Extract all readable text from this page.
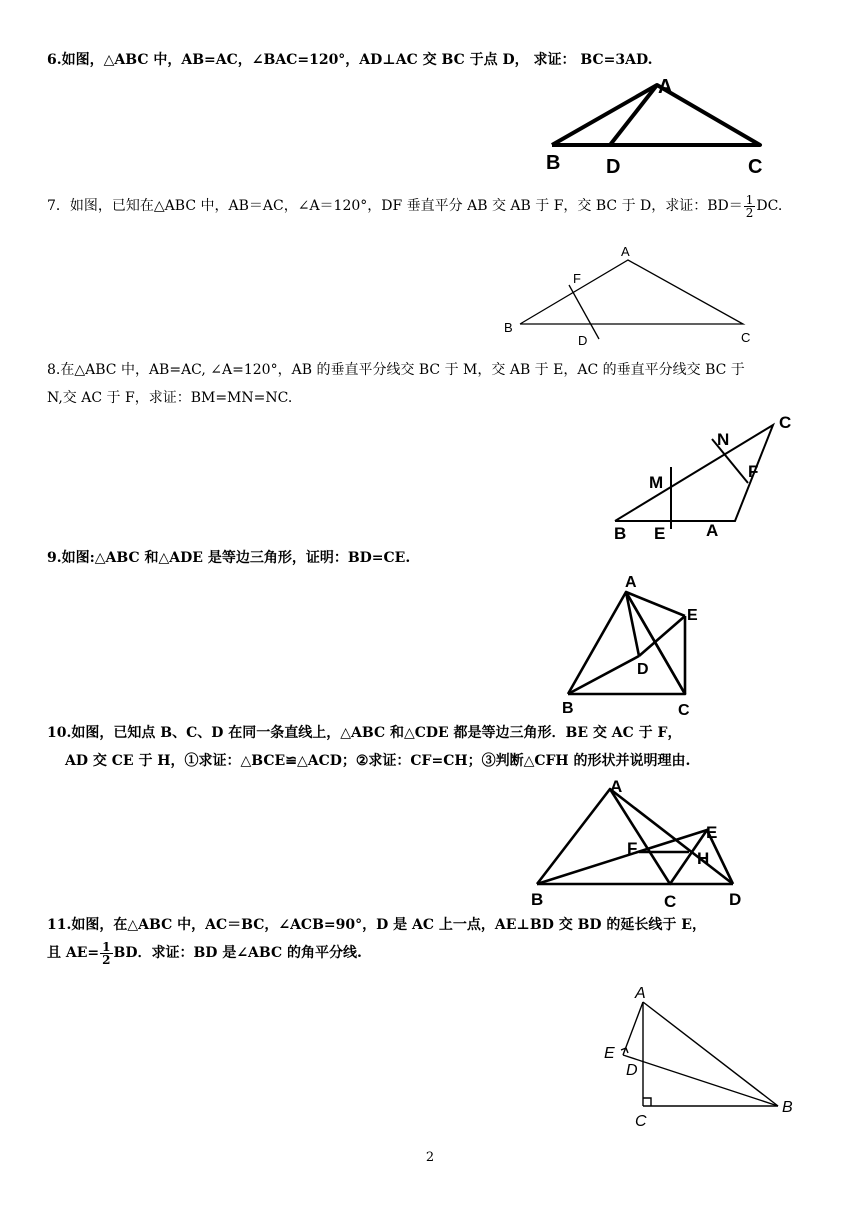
6.如图，△ABC 中，AB=AC，∠BAC=120°，AD⊥AC 交 BC 于点 D， 求证： BC=3AD.
A
B D	C
7．如图，已知在△ABC 中，AB＝AC，∠A＝120°，DF 垂直平分 AB 交 AB 于 F，交 BC 于 D，求证：$BD= \frac{1}{2}$ DC.
A
F
B
D	C
8.在△ABC 中，AB=AC, ∠A=120°，AB 的垂直平分线交 BC 于 M，交 AB 于 E，AC 的垂直平分线交 BC 于
N,交 AC 于 F，求证：BM=MN=NC.
C
N
F
M
B E A
9.如图:△ABC 和△ADE 是等边三角形，证明：BD=CE.
A
E
D
B	C
10.如图，已知点 B、C、D 在同一条直线上，△ABC 和△CDE 都是等边三角形．BE 交 AC 于 F，
AD 交 CE 于 H，①求证：△BCE≌△ACD；②求证：CF=CH；③判断△CFH 的形状并说明理由.
A
E
F
H
B	C	D
11.如图，在△ABC 中，AC＝BC，∠ACB=90°，D 是 AC 上一点，AE⊥BD 交 BD 的延长线于 E，
且 $AE= \frac{1}{2}$ BD．求证：BD 是∠ABC 的角平分线.
A
E
D
C
B
2
